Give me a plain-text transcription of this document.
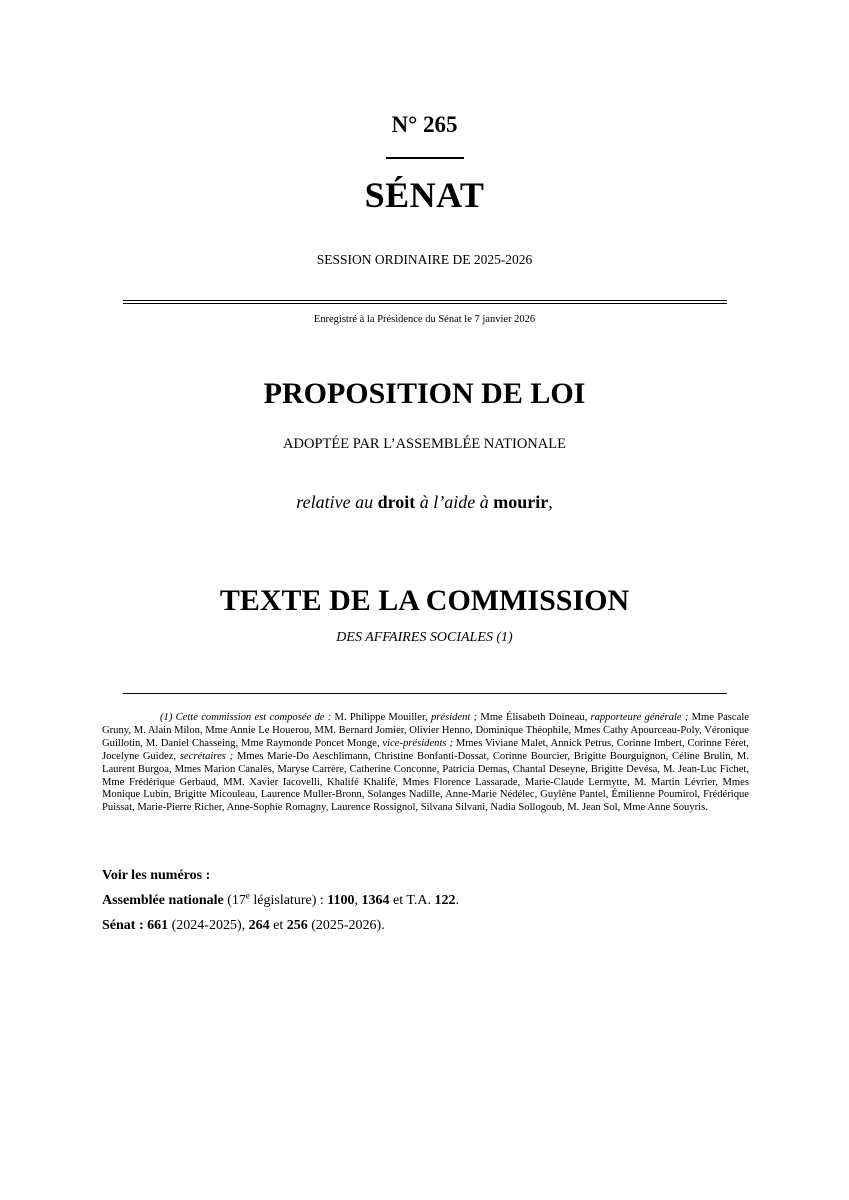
N° 265
SÉNAT
SESSION ORDINAIRE DE 2025-2026
Enregistré à la Présidence du Sénat le 7 janvier 2026
PROPOSITION DE LOI
ADOPTÉE PAR L’ASSEMBLÉE NATIONALE
relative au droit à l’aide à mourir,
TEXTE DE LA COMMISSION
DES AFFAIRES SOCIALES (1)
(1) Cette commission est composée de : M. Philippe Mouiller, président ; Mme Élisabeth Doineau, rapporteure générale ; Mme Pascale Gruny, M. Alain Milon, Mme Annie Le Houerou, MM. Bernard Jomier, Olivier Henno, Dominique Théophile, Mmes Cathy Apourceau-Poly, Véronique Guillotin, M. Daniel Chasseing, Mme Raymonde Poncet Monge, vice-présidents ; Mmes Viviane Malet, Annick Petrus, Corinne Imbert, Corinne Féret, Jocelyne Guidez, secrétaires ; Mmes Marie-Do Aeschlimann, Christine Bonfanti-Dossat, Corinne Bourcier, Brigitte Bourguignon, Céline Brulin, M. Laurent Burgoa, Mmes Marion Canalès, Maryse Carrère, Catherine Conconne, Patricia Demas, Chantal Deseyne, Brigitte Devésa, M. Jean-Luc Fichet, Mme Frédérique Gerbaud, MM. Xavier Iacovelli, Khalifé Khalifé, Mmes Florence Lassarade, Marie-Claude Lermytte, M. Martin Lévrier, Mmes Monique Lubin, Brigitte Micouleau, Laurence Muller-Bronn, Solanges Nadille, Anne-Marie Nédélec, Guylène Pantel, Émilienne Poumirol, Frédérique Puissat, Marie-Pierre Richer, Anne-Sophie Romagny, Laurence Rossignol, Silvana Silvani, Nadia Sollogoub, M. Jean Sol, Mme Anne Souyris.
Voir les numéros :
Assemblée nationale (17e législature) : 1100, 1364 et T.A. 122.
Sénat : 661 (2024-2025), 264 et 256 (2025-2026).
